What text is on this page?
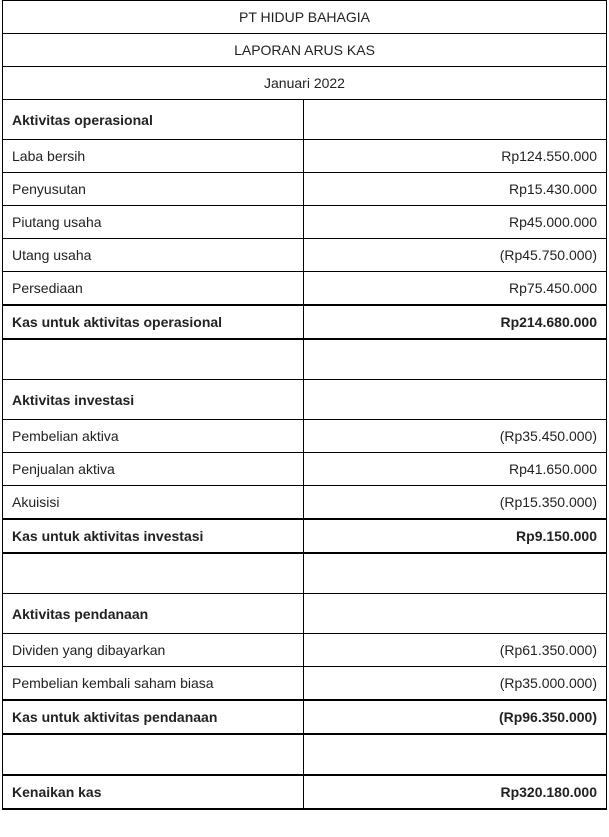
PT HIDUP BAHAGIA	
LAPORAN ARUS KAS	
Januari 2022	
Aktivitas operasional	
Laba bersih	Rp124.550.000
Penyusutan	Rp15.430.000
Piutang usaha	Rp45.000.000
Utang usaha	(Rp45.750.000)
Persediaan	Rp75.450.000
Kas untuk aktivitas operasional	Rp214.680.000

Aktivitas investasi	
Pembelian aktiva	(Rp35.450.000)
Penjualan aktiva	Rp41.650.000
Akuisisi	(Rp15.350.000)
Kas untuk aktivitas investasi	Rp9.150.000

Aktivitas pendanaan	
Dividen yang dibayarkan	(Rp61.350.000)
Pembelian kembali saham biasa	(Rp35.000.000)
Kas untuk aktivitas pendanaan	(Rp96.350.000)

Kenaikan kas	Rp320.180.000
